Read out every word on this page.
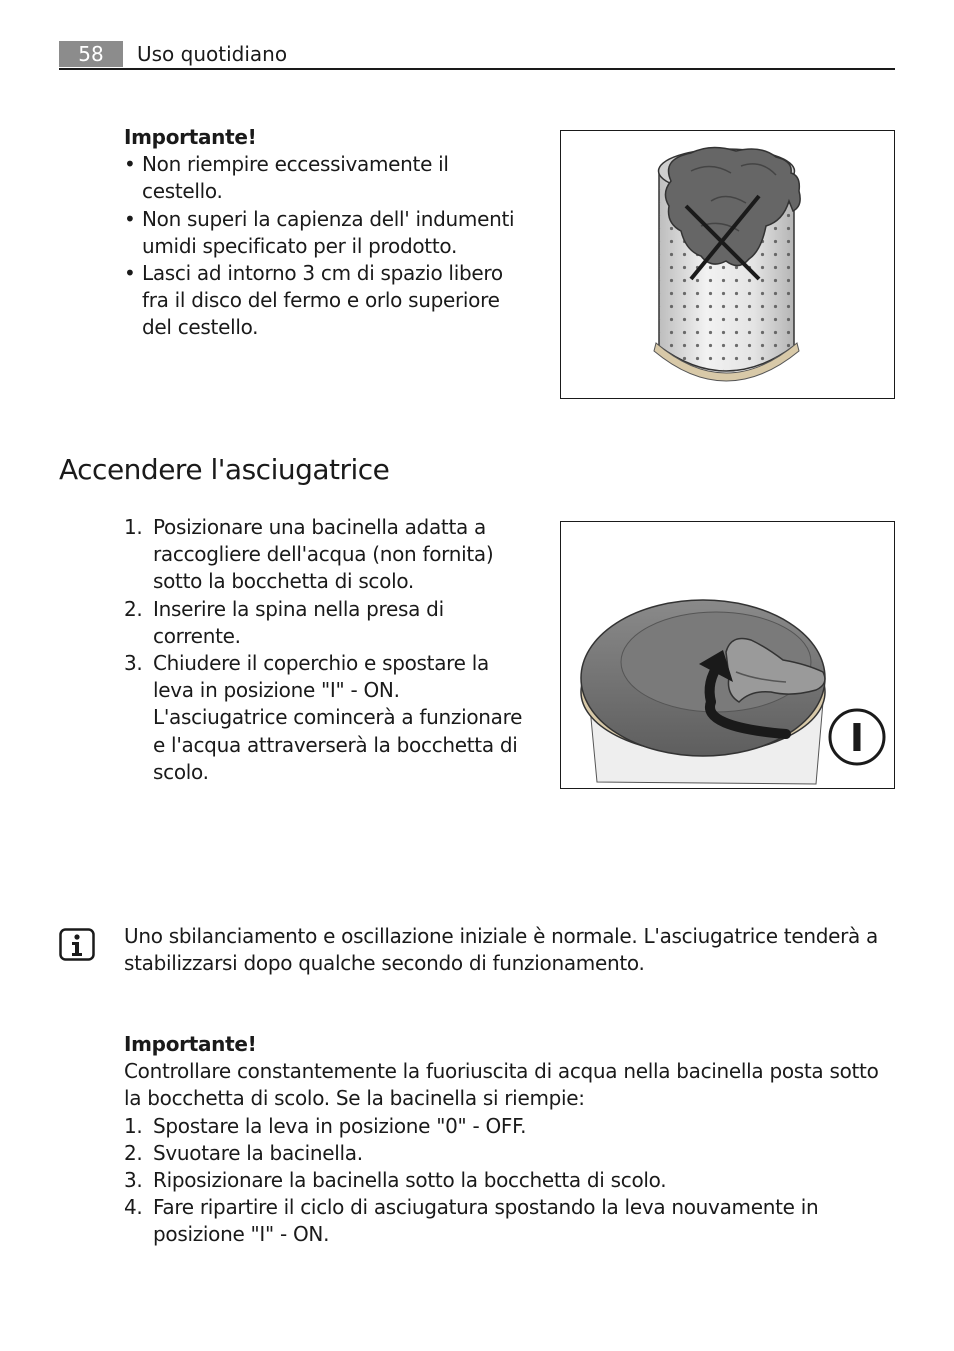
58	Uso quotidiano
Importante!
• Non riempire eccessivamente il cestello.
• Non superi la capienza dell' indumenti umidi specificato per il prodotto.
• Lasci ad intorno 3 cm di spazio libero fra il disco del fermo e orlo superiore del cestello.
Accendere l'asciugatrice
1. Posizionare una bacinella adatta a raccogliere dell'acqua (non fornita) sotto la bocchetta di scolo.
2. Inserire la spina nella presa di corrente.
3. Chiudere il coperchio e spostare la leva in posizione "I" - ON. L'asciugatrice comincerà a funzionare e l'acqua attraverserà la bocchetta di scolo.
I
Uno sbilanciamento e oscillazione iniziale è normale. L'asciugatrice tenderà a stabilizzarsi dopo qualche secondo di funzionamento.
Importante!
Controllare constantemente la fuoriuscita di acqua nella bacinella posta sotto la bocchetta di scolo. Se la bacinella si riempie:
1. Spostare la leva in posizione "0" - OFF.
2. Svuotare la bacinella.
3. Riposizionare la bacinella sotto la bocchetta di scolo.
4. Fare ripartire il ciclo di asciugatura spostando la leva nouvamente in posizione "I" - ON.
